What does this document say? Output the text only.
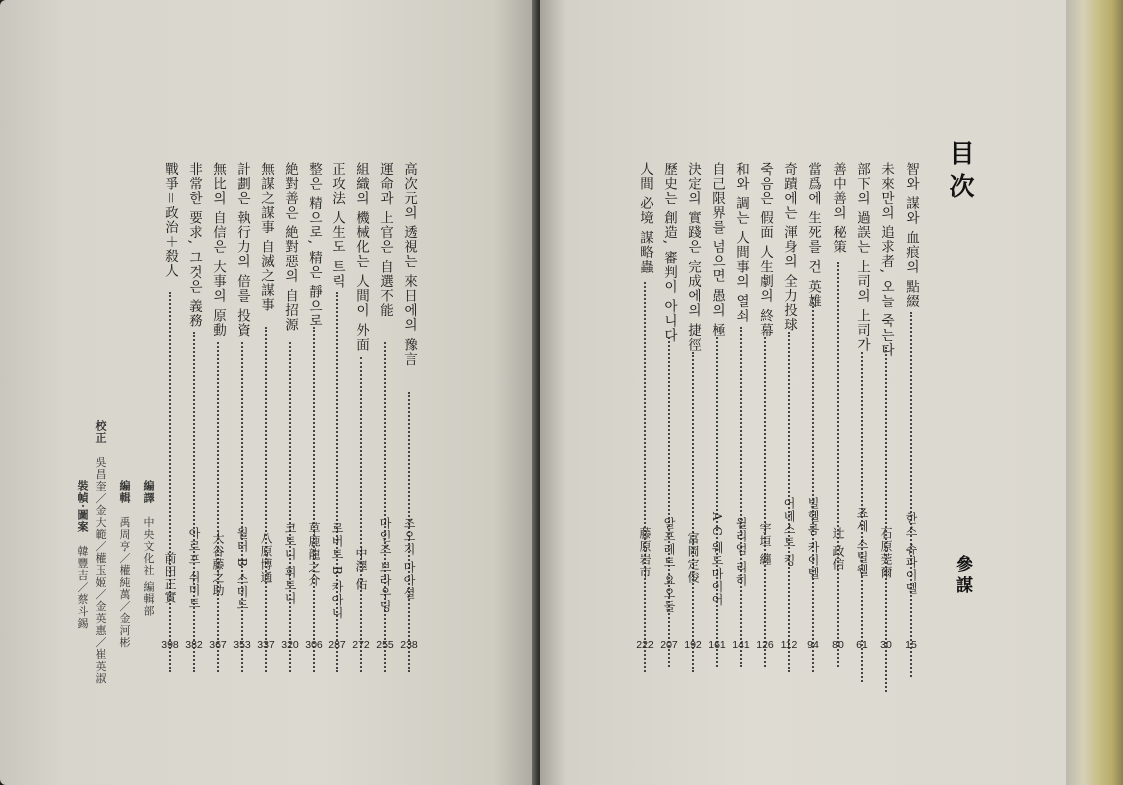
目次
參謀
智와 謀와 血痕의 點綴
한스 슈파이델
15
未來만의 追求者, 오늘 죽는다
石原莞爾
30
部下의 過誤는 上司의 上司가
죠세 스틸웰
61
善中善의 秘策
辻 政信
80
當爲에 生死를 건 英雄
빌헬름 카이텔
94
奇蹟에는 渾身의 全力投球
어네스트 킹
112
죽음은 假面 人生劇의 終幕
宇垣 纏
126
和와 調는 人間事의 열쇠
윌리엄 리히
141
自己限界를 넘으면 愚의 極
A C 웨드마이어
161
決定의 實踐은 完成에의 捷徑
富岡定俊
192
歷史는 創造, 審判이 아니다
알프레트 요오들
207
人間 必境 謀略蟲
藤原岩市
222
高次元의 透視는 來日에의 豫言
조오지 마아셜
238
運命과 上官은 自選不能
마인즈 브라우딩
255
組織의 機械化는 人間이 外面
中澤 佑
272
正攻法 人生도 트릭
로버트 B 카아니
287
整은 精으로, 精은 靜으로
草鹿龍之介
306
絶對善은 絶對惡의 自招源
코트니 휘트니
320
無謀之謀事 自滅之謀事
八原博通
337
計劃은 執行力의 倍를 投資
월터 B 스미드
353
無比의 自信은 大事의 原動
大谷藤之助
367
非常한 要求, 그것은 義務
아르프 쉬미트
382
戰爭＝政治＋殺人
前田正實
398
編譯 中央文化社 編輯部
編輯 禹周亨／權純萬／金河彬
校正 吳昌奎／金大範／權玉姬／金英惠／崔英淑
裝幀·圖案 韓豐吉／蔡斗錫
